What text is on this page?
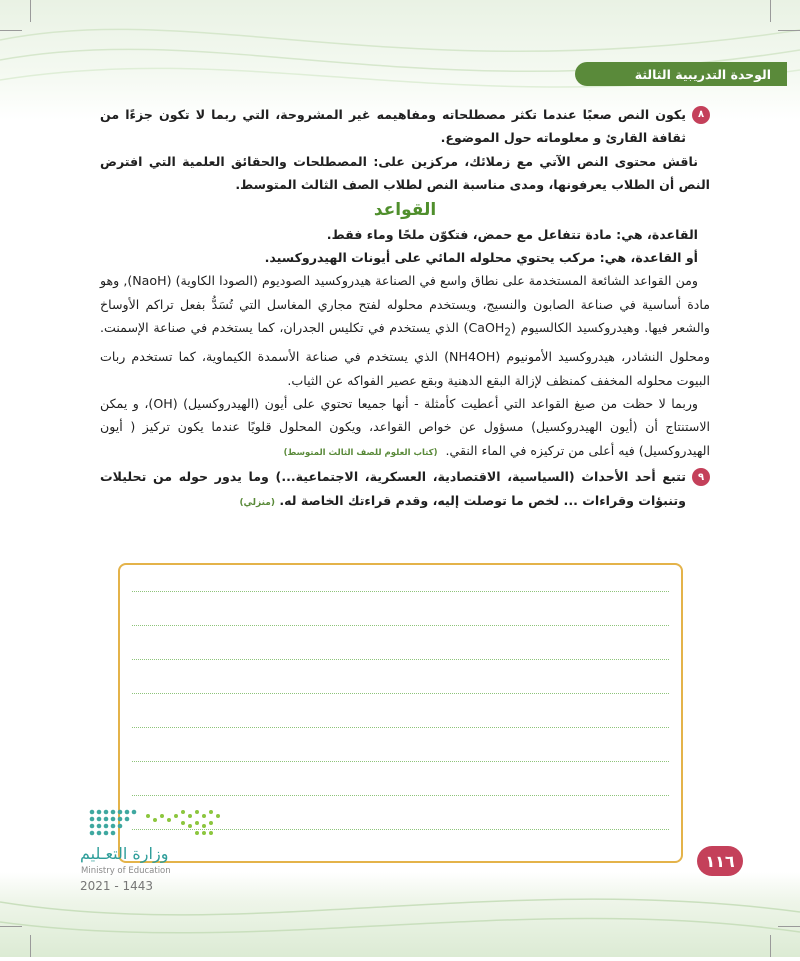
الوحدة التدريبية الثالثة

٨
يكون النص صعبًا عندما تكثر مصطلحاته ومفاهيمه غير المشروحة، التي ربما لا تكون جزءًا من ثقافة القارئ و معلوماته حول الموضوع.

ناقش محتوى النص الآتي مع زملائك، مركزين على: المصطلحات والحقائق العلمية التي افترض النص أن الطلاب يعرفونها، ومدى مناسبة النص لطلاب الصف الثالث المتوسط.

القواعد

القاعدة، هي: مادة تتفاعل مع حمض، فتكوّن ملحًا وماء فقط.

أو القاعدة، هي: مركب يحتوي محلوله المائي على أيونات الهيدروكسيد.

ومن القواعد الشائعة المستخدمة على نطاق واسع في الصناعة هيدروكسيد الصوديوم (الصودا الكاوية) (NaoH), وهو مادة أساسية في صناعة الصابون والنسيج، ويستخدم محلوله لفتح مجاري المغاسل التي تُسَدُّ بفعل تراكم الأوساخ والشعر فيها. وهيدروكسيد الكالسيوم (CaOH$_2$) الذي يستخدم في تكليس الجدران، كما يستخدم في صناعة الإسمنت. ومحلول النشادر، هيدروكسيد الأمونيوم (NH4OH) الذي يستخدم في صناعة الأسمدة الكيماوية، كما تستخدم ربات البيوت محلوله المخفف كمنظف لإزالة البقع الدهنية وبقع عصير الفواكه عن الثياب.

وربما لا حظت من صيغ القواعد التي أعطيت كأمثلة - أنها جميعا تحتوي على أيون (الهيدروكسيل) (OH)، و يمكن الاستنتاج أن (أيون الهيدروكسيل) مسؤول عن خواص القواعد، ويكون المحلول قلويًا عندما يكون تركيز ( أيون الهيدروكسيل) فيه أعلى من تركيزه في الماء النقي.  (كتاب العلوم للصف الثالث المتوسط)

٩
تتبع أحد الأحداث (السياسية، الاقتصادية، العسكرية، الاجتماعية...) وما يدور حوله من تحليلات وتنبؤات وقراءات ... لخص ما توصلت إليه، وقدم قراءتك الخاصة له. (منزلي)

وزارة التعـليم
Ministry of Education
2021 - 1443
١١٦
